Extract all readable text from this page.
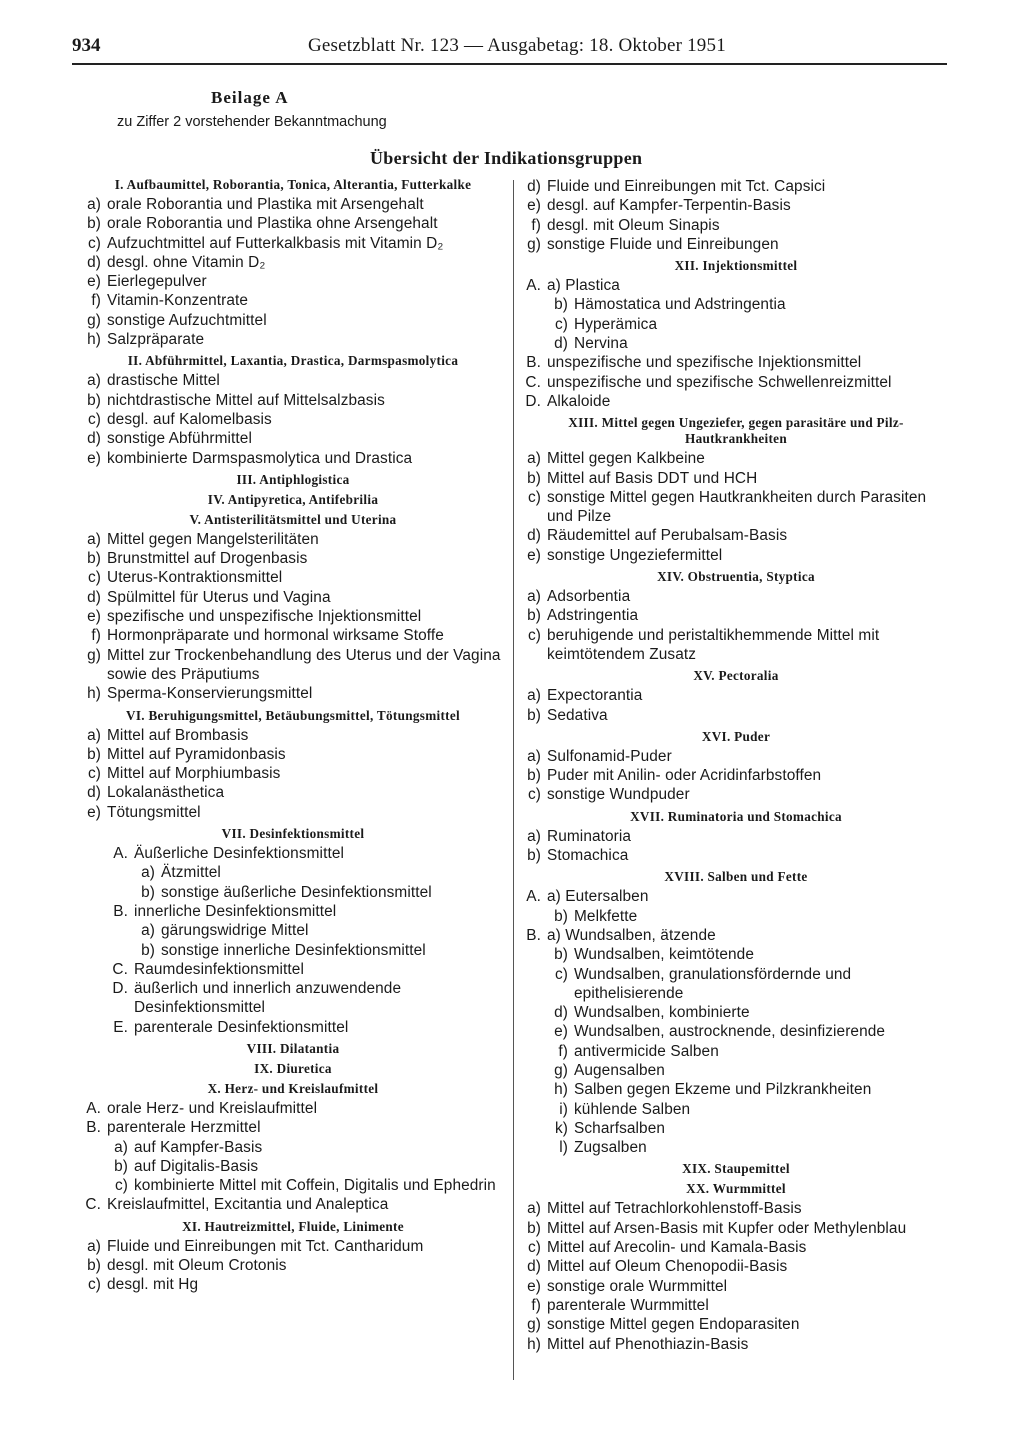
934	Gesetzblatt Nr. 123 — Ausgabetag: 18. Oktober 1951
Beilage A
zu Ziffer 2 vorstehender Bekanntmachung
Übersicht der Indikationsgruppen
I. Aufbaumittel, Roborantia, Tonica, Alterantia, Futterkalke
a) orale Roborantia und Plastika mit Arsengehalt
b) orale Roborantia und Plastika ohne Arsengehalt
c) Aufzuchtmittel auf Futterkalkbasis mit Vitamin D₂
d) desgl. ohne Vitamin D₂
e) Eierlegepulver
f) Vitamin-Konzentrate
g) sonstige Aufzuchtmittel
h) Salzpräparate
II. Abführmittel, Laxantia, Drastica, Darmspasmolytica
a) drastische Mittel
b) nichtdrastische Mittel auf Mittelsalzbasis
c) desgl. auf Kalomelbasis
d) sonstige Abführmittel
e) kombinierte Darmspasmolytica und Drastica
III. Antiphlogistica
IV. Antipyretica, Antifebrilia
V. Antisterilitätsmittel und Uterina
a) Mittel gegen Mangelsterilitäten
b) Brunstmittel auf Drogenbasis
c) Uterus-Kontraktionsmittel
d) Spülmittel für Uterus und Vagina
e) spezifische und unspezifische Injektionsmittel
f) Hormonpräparate und hormonal wirksame Stoffe
g) Mittel zur Trockenbehandlung des Uterus und der Vagina sowie des Präputiums
h) Sperma-Konservierungsmittel
VI. Beruhigungsmittel, Betäubungsmittel, Tötungsmittel
a) Mittel auf Brombasis
b) Mittel auf Pyramidonbasis
c) Mittel auf Morphiumbasis
d) Lokalanästhetica
e) Tötungsmittel
VII. Desinfektionsmittel
A. Äußerliche Desinfektionsmittel
a) Ätzmittel
b) sonstige äußerliche Desinfektionsmittel
B. innerliche Desinfektionsmittel
a) gärungswidrige Mittel
b) sonstige innerliche Desinfektionsmittel
C. Raumdesinfektionsmittel
D. äußerlich und innerlich anzuwendende Desinfektionsmittel
E. parenterale Desinfektionsmittel
VIII. Dilatantia
IX. Diuretica
X. Herz- und Kreislaufmittel
A. orale Herz- und Kreislaufmittel
B. parenterale Herzmittel
a) auf Kampfer-Basis
b) auf Digitalis-Basis
c) kombinierte Mittel mit Coffein, Digitalis und Ephedrin
C. Kreislaufmittel, Excitantia und Analeptica
XI. Hautreizmittel, Fluide, Linimente
a) Fluide und Einreibungen mit Tct. Cantharidum
b) desgl. mit Oleum Crotonis
c) desgl. mit Hg
d) Fluide und Einreibungen mit Tct. Capsici
e) desgl. auf Kampfer-Terpentin-Basis
f) desgl. mit Oleum Sinapis
g) sonstige Fluide und Einreibungen
XII. Injektionsmittel
A. a) Plastica
b) Hämostatica und Adstringentia
c) Hyperämica
d) Nervina
B. unspezifische und spezifische Injektionsmittel
C. unspezifische und spezifische Schwellenreizmittel
D. Alkaloide
XIII. Mittel gegen Ungeziefer, gegen parasitäre und Pilz-Hautkrankheiten
a) Mittel gegen Kalkbeine
b) Mittel auf Basis DDT und HCH
c) sonstige Mittel gegen Hautkrankheiten durch Parasiten und Pilze
d) Räudemittel auf Perubalsam-Basis
e) sonstige Ungeziefermittel
XIV. Obstruentia, Styptica
a) Adsorbentia
b) Adstringentia
c) beruhigende und peristaltikhemmende Mittel mit keimtötendem Zusatz
XV. Pectoralia
a) Expectorantia
b) Sedativa
XVI. Puder
a) Sulfonamid-Puder
b) Puder mit Anilin- oder Acridinfarbstoffen
c) sonstige Wundpuder
XVII. Ruminatoria und Stomachica
a) Ruminatoria
b) Stomachica
XVIII. Salben und Fette
A. a) Eutersalben
b) Melkfette
B. a) Wundsalben, ätzende
b) Wundsalben, keimtötende
c) Wundsalben, granulationsfördernde und epithelisierende
d) Wundsalben, kombinierte
e) Wundsalben, austrocknende, desinfizierende
f) antivermicide Salben
g) Augensalben
h) Salben gegen Ekzeme und Pilzkrankheiten
i) kühlende Salben
k) Scharfsalben
l) Zugsalben
XIX. Staupemittel
XX. Wurmmittel
a) Mittel auf Tetrachlorkohlenstoff-Basis
b) Mittel auf Arsen-Basis mit Kupfer oder Methylenblau
c) Mittel auf Arecolin- und Kamala-Basis
d) Mittel auf Oleum Chenopodii-Basis
e) sonstige orale Wurmmittel
f) parenterale Wurmmittel
g) sonstige Mittel gegen Endoparasiten
h) Mittel auf Phenothiazin-Basis
